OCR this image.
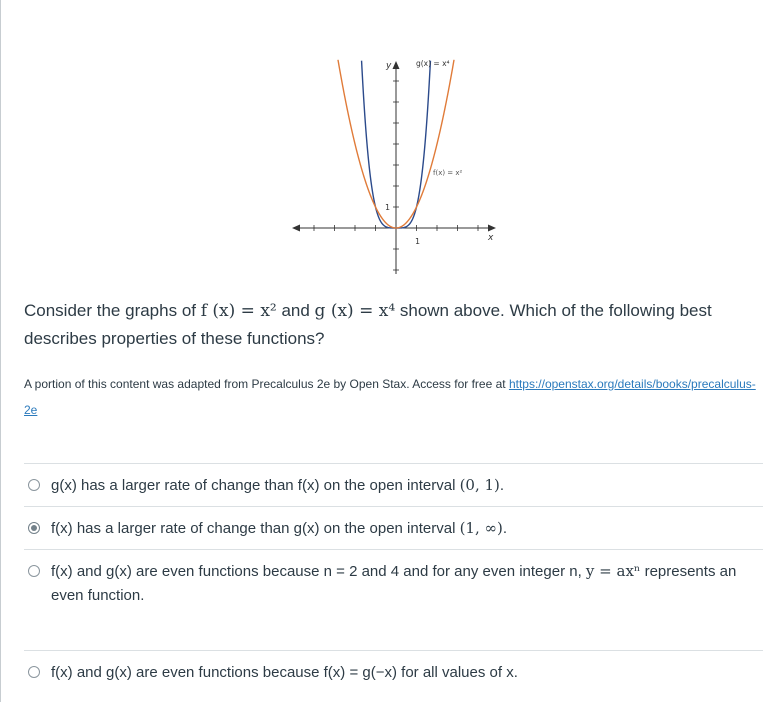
y
x
g(x) = x⁴
f(x) = x²
1
1
Consider the graphs of f (x) = x² and g (x) = x⁴ shown above. Which of the following best describes properties of these functions?
A portion of this content was adapted from Precalculus 2e by Open Stax. Access for free at https://openstax.org/details/books/precalculus-2e
g(x) has a larger rate of change than f(x) on the open interval (0, 1).
f(x) has a larger rate of change than g(x) on the open interval (1, ∞).
f(x) and g(x) are even functions because n = 2 and 4 and for any even integer n, y = axⁿ represents an even function.
f(x) and g(x) are even functions because f(x) = g(−x) for all values of x.
